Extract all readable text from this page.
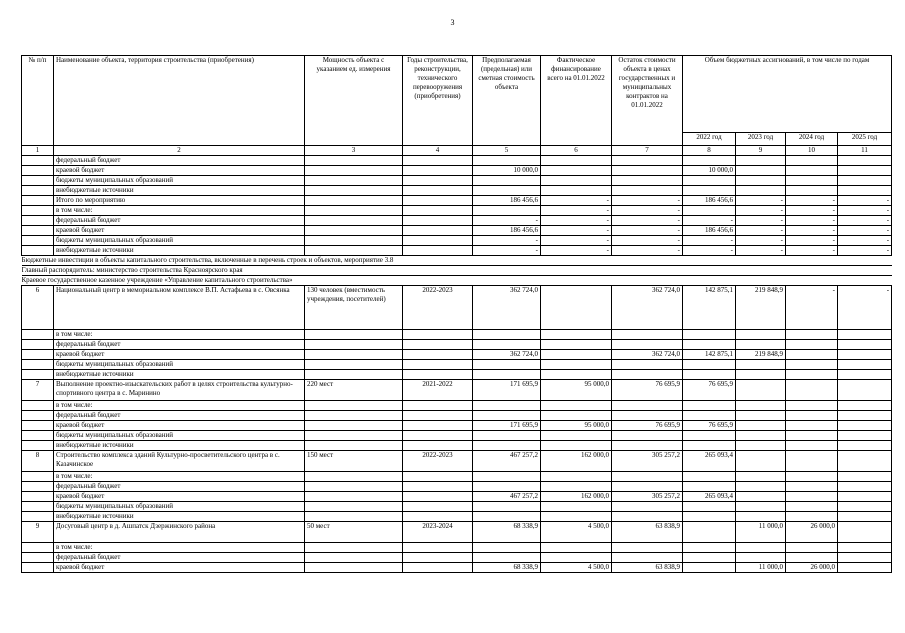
3
№ п/п	Наименование объекта, территория строительства (приобретения)	Мощность объекта с указанием ед. измерения	Годы строительства, реконструкции, технического перевооружения (приобретения)	Предполагаемая (предельная) или сметная стоимость объекта	Фактическое финансирование всего на 01.01.2022	Остаток стоимости объекта в ценах государственных и муниципальных контрактов на 01.01.2022	Объем бюджетных ассигнований, в том числе по годам			
							2022 год	2023 год	2024 год	2025 год
1	2	3	4	5	6	7	8	9	10	11
	федеральный бюджет									
	краевой бюджет			10 000,0			10 000,0			
	бюджеты муниципальных образований									
	внебюджетные источники									
	Итого по мероприятию			186 456,6	-	-	186 456,6	-	-	-
	в том числе:				-	-		-	-	-
	федеральный бюджет			-	-	-	-	-	-	-
	краевой бюджет			186 456,6	-	-	186 456,6	-	-	-
	бюджеты муниципальных образований			-	-	-	-	-	-	-
	внебюджетные источники			-	-	-	-	-	-	-
Бюджетные инвестиции в объекты капитального строительства, включенные в перечень строек и объектов, мероприятие 3.8										
Главный распорядитель: министерство строительства Красноярского края										
Краевое государственное казенное учреждение «Управление капитального строительства»										
6	Национальный центр в мемориальном комплексе В.П. Астафьева в с. Овсянка	130 человек (вместимость учреждения, посетителей)	2022-2023	362 724,0		362 724,0	142 875,1	219 848,9	-	-
	в том числе:									
	федеральный бюджет									
	краевой бюджет			362 724,0		362 724,0	142 875,1	219 848,9		
	бюджеты муниципальных образований									
	внебюджетные источники									
7	Выполнение проектно-изыскательских работ в целях строительства культурно-спортивного центра в с. Маринино	220 мест	2021-2022	171 695,9	95 000,0	76 695,9	76 695,9			
	в том числе:									
	федеральный бюджет									
	краевой бюджет			171 695,9	95 000,0	76 695,9	76 695,9			
	бюджеты муниципальных образований									
	внебюджетные источники									
8	Строительство комплекса зданий Культурно-просветительского центра в с. Казачинское	150 мест	2022-2023	467 257,2	162 000,0	305 257,2	265 093,4			
	в том числе:									
	федеральный бюджет									
	краевой бюджет			467 257,2	162 000,0	305 257,2	265 093,4			
	бюджеты муниципальных образований									
	внебюджетные источники									
9	Досуговый центр в д. Ашпатск Дзержинского района	50 мест	2023-2024	68 338,9	4 500,0	63 838,9		11 000,0	26 000,0	
	в том числе:									
	федеральный бюджет									
	краевой бюджет			68 338,9	4 500,0	63 838,9		11 000,0	26 000,0	
